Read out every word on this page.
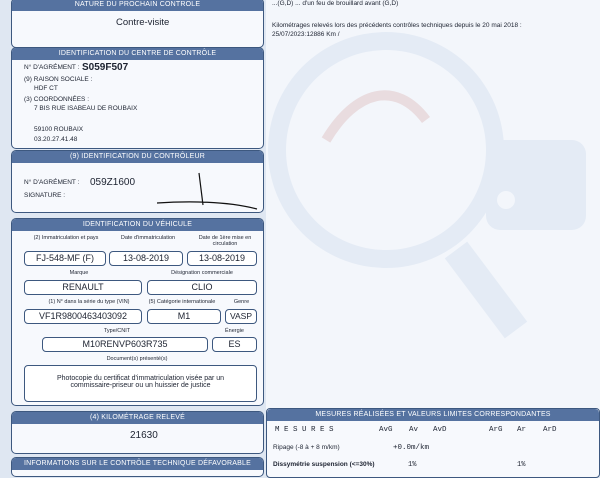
NATURE DU PROCHAIN CONTROLE
Contre-visite
IDENTIFICATION DU CENTRE DE CONTRÔLE
N° D'AGRÉMENT : S059F507
(9) RAISON SOCIALE :
HDF CT
(3) COORDONNÉES :
7 BIS RUE ISABEAU DE ROUBAIX
59100 ROUBAIX
03.20.27.41.48
(9) IDENTIFICATION DU CONTRÔLEUR
N° D'AGRÉMENT : 059Z1600
SIGNATURE :
IDENTIFICATION DU VÉHICULE
(2) Immatriculation et pays	Date d'immatriculation	Date de 1ère mise en circulation
FJ-548-MF (F)	13-08-2019	13-08-2019
Marque	Désignation commerciale
RENAULT	CLIO
(1) N° dans la série du type (VIN)	(5) Catégorie internationale	Genre
VF1R9800463403092	M1	VASP
Type/CNIT	Énergie
M10RENVP603R735	ES
Document(s) présenté(s)
Photocopie du certificat d'immatriculation visée par un
commissaire-priseur ou un huissier de justice
(4) KILOMÉTRAGE RELEVÉ
21630
INFORMATIONS SUR LE CONTRÔLE TECHNIQUE DÉFAVORABLE
...(G,D) ... d'un feu de brouillard avant (G,D)
Kilométrages relevés lors des précédents contrôles techniques depuis le 20 mai 2018 :
25/07/2023:12886 Km /
MESURES RÉALISÉES ET VALEURS LIMITES CORRESPONDANTES
M E S U R E S	AvG Av AvD	ArG Ar ArD
Ripage (-8 à + 8 m/km)	+0.0m/km
Dissymétrie suspension (<=30%)	1%	1%
